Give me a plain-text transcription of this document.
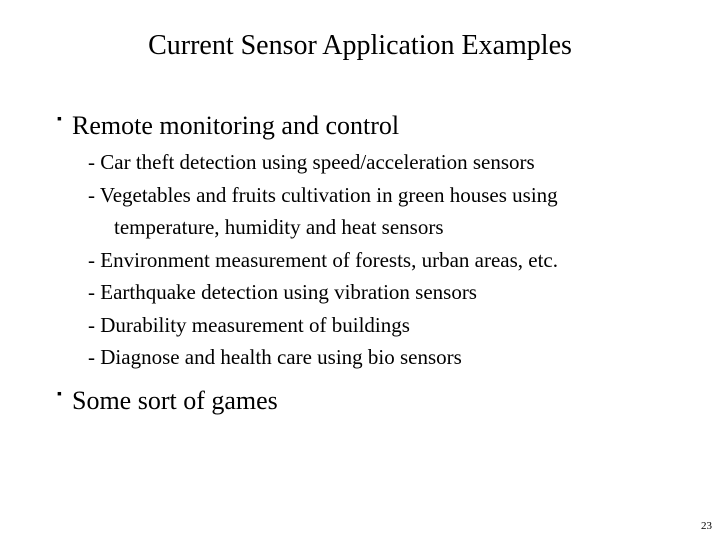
Current Sensor Application Examples
▪ Remote monitoring and control
- Car theft detection using speed/acceleration sensors
- Vegetables and fruits cultivation in green houses using
temperature, humidity and heat sensors
- Environment measurement of forests, urban areas, etc.
- Earthquake detection using vibration sensors
- Durability measurement of buildings
- Diagnose and health care using bio sensors
▪ Some sort of games
23
